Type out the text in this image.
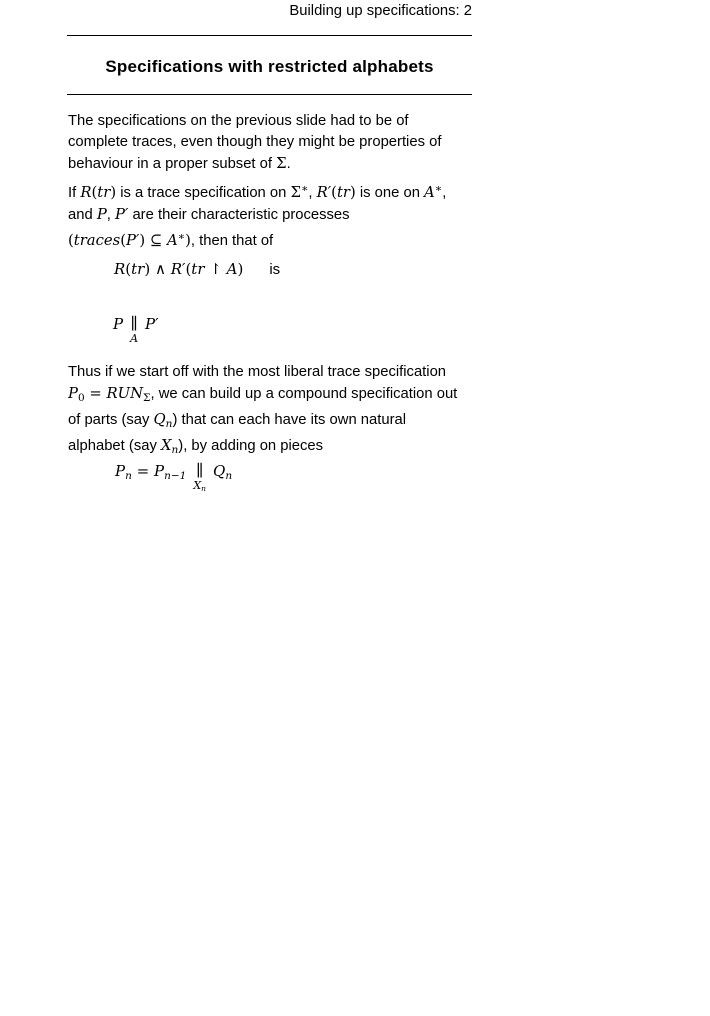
Building up specifications: 2
Specifications with restricted alphabets
The specifications on the previous slide had to be of
complete traces, even though they might be properties of
behaviour in a proper subset of Σ.
If R(tr) is a trace specification on Σ∗, R′(tr) is one on A∗,
and P, P′ are their characteristic processes
(traces(P′) ⊆ A∗), then that of
R(tr) ∧ R′(tr ↾ A) is
P ∥
A
P′
Thus if we start off with the most liberal trace specification
$P_0 = RUN_\Sigma$, we can build up a compound specification out
of parts (say $Q_n$) that can each have its own natural
alphabet (say $X_n$), by adding on pieces
$P_n = P_{n-1}$ ∥
Xn
$Q_n$
